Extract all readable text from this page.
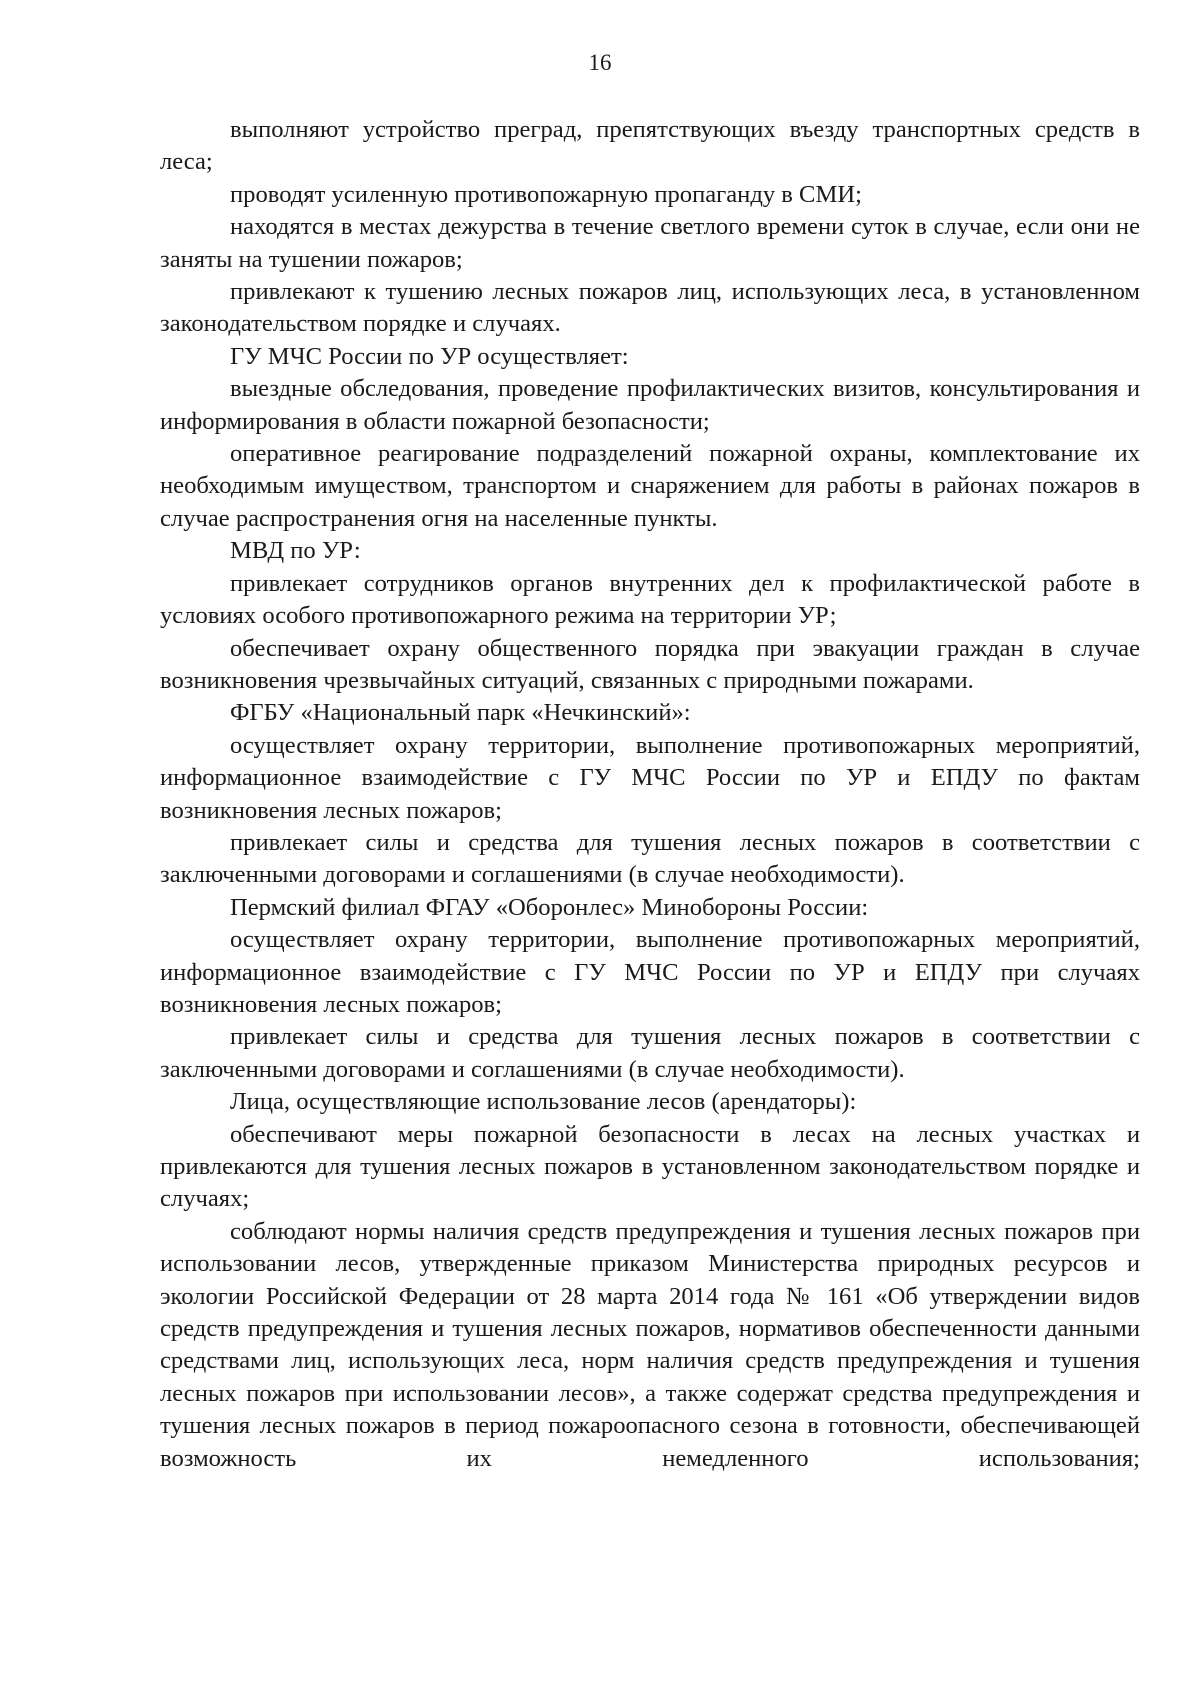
16

выполняют устройство преград, препятствующих въезду транспортных средств в леса;

проводят усиленную противопожарную пропаганду в СМИ;

находятся в местах дежурства в течение светлого времени суток в случае, если они не заняты на тушении пожаров;

привлекают к тушению лесных пожаров лиц, использующих леса, в установленном законодательством порядке и случаях.

ГУ МЧС России по УР осуществляет:

выездные обследования, проведение профилактических визитов, консультирования и информирования в области пожарной безопасности;

оперативное реагирование подразделений пожарной охраны, комплектование их необходимым имуществом, транспортом и снаряжением для работы в районах пожаров в случае распространения огня на населенные пункты.

МВД по УР:

привлекает сотрудников органов внутренних дел к профилактической работе в условиях особого противопожарного режима на территории УР;

обеспечивает охрану общественного порядка при эвакуации граждан в случае возникновения чрезвычайных ситуаций, связанных с природными пожарами.

ФГБУ «Национальный парк «Нечкинский»:

осуществляет охрану территории, выполнение противопожарных мероприятий, информационное взаимодействие с ГУ МЧС России по УР и ЕПДУ по фактам возникновения лесных пожаров;

привлекает силы и средства для тушения лесных пожаров в соответствии с заключенными договорами и соглашениями (в случае необходимости).

Пермский филиал ФГАУ «Оборонлес» Минобороны России:

осуществляет охрану территории, выполнение противопожарных мероприятий, информационное взаимодействие с ГУ МЧС России по УР и ЕПДУ при случаях возникновения лесных пожаров;

привлекает силы и средства для тушения лесных пожаров в соответствии с заключенными договорами и соглашениями (в случае необходимости).

Лица, осуществляющие использование лесов (арендаторы):

обеспечивают меры пожарной безопасности в лесах на лесных участках и привлекаются для тушения лесных пожаров в установленном законодательством порядке и случаях;

соблюдают нормы наличия средств предупреждения и тушения лесных пожаров при использовании лесов, утвержденные приказом Министерства природных ресурсов и экологии Российской Федерации от 28 марта 2014 года № 161 «Об утверждении видов средств предупреждения и тушения лесных пожаров, нормативов обеспеченности данными средствами лиц, использующих леса, норм наличия средств предупреждения и тушения лесных пожаров при использовании лесов», а также содержат средства предупреждения и тушения лесных пожаров в период пожароопасного сезона в готовности, обеспечивающей возможность их немедленного использования;
